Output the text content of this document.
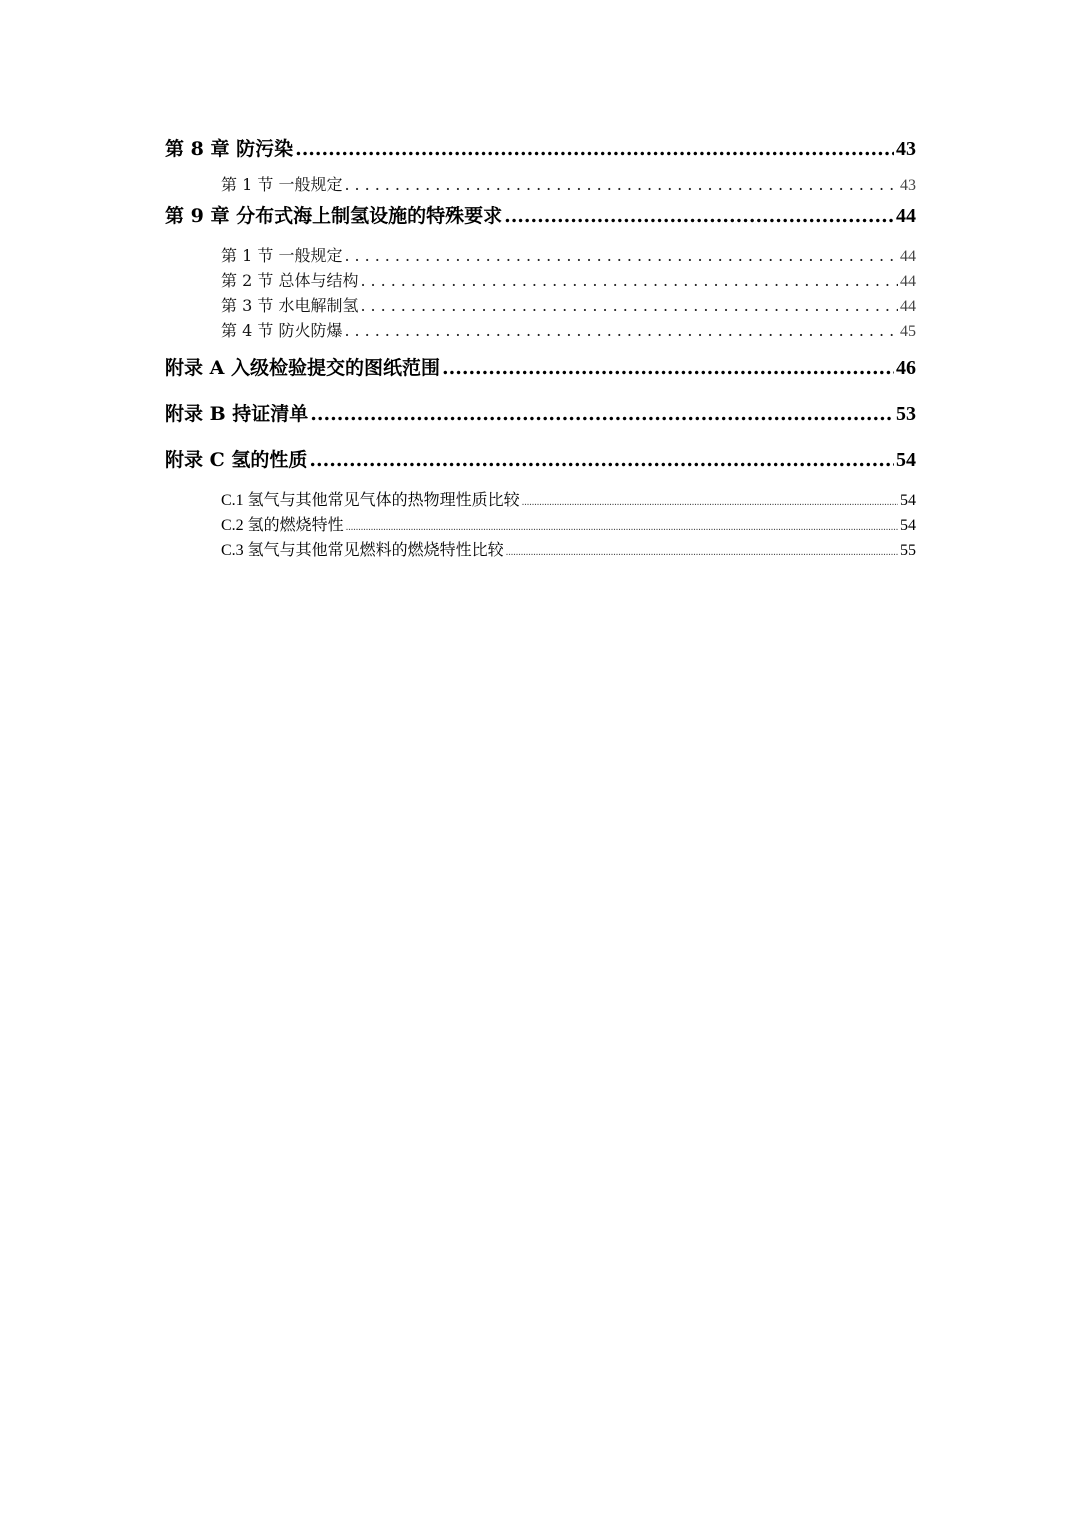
第 8 章 防污染 .....	43
第 1 节 一般规定 .....	43
第 9 章 分布式海上制氢设施的特殊要求 .....	44
第 1 节 一般规定 .....	44
第 2 节 总体与结构 .....	44
第 3 节 水电解制氢 .....	44
第 4 节 防火防爆 .....	45
附录 A 入级检验提交的图纸范围 .....	46
附录 B 持证清单 .....	53
附录 C 氢的性质 .....	54
C.1 氢气与其他常见气体的热物理性质比较 .....	54
C.2 氢的燃烧特性 .....	54
C.3 氢气与其他常见燃料的燃烧特性比较 .....	55
